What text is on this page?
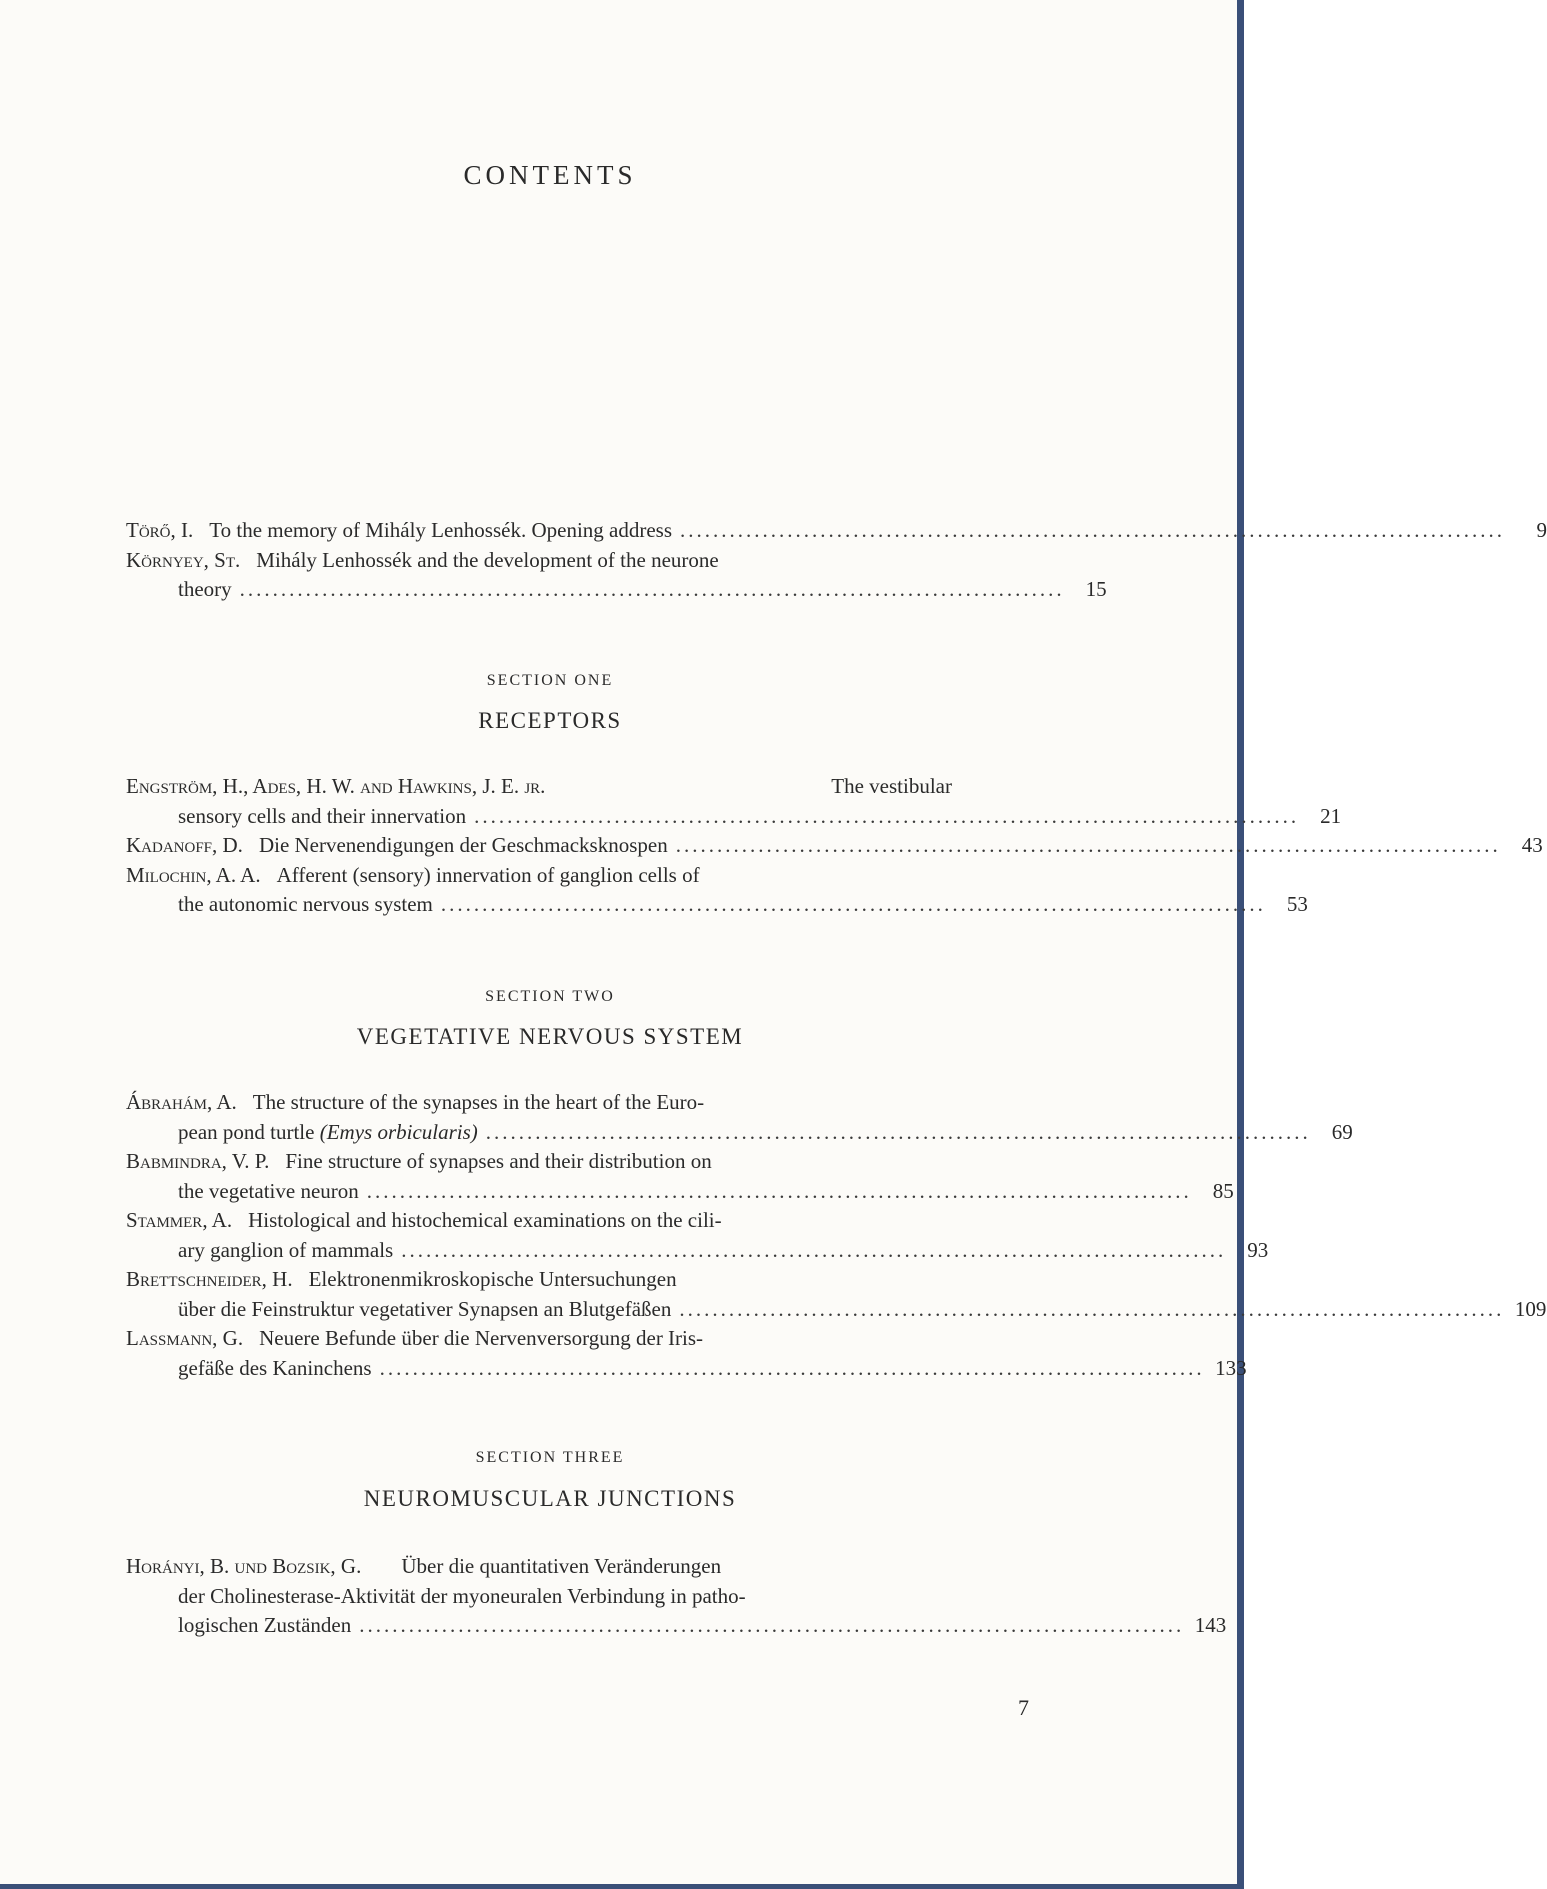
CONTENTS
Törő, I. To the memory of Mihály Lenhossék. Opening address ....................................................................................................	9
Környey, St. Mihály Lenhossék and the development of the neurone
theory ....................................................................................................	15
SECTION ONE
RECEPTORS
Engström, H., Ades, H. W. and Hawkins, J. E. jr.	The vestibular
sensory cells and their innervation ....................................................................................................	21
Kadanoff, D. Die Nervenendigungen der Geschmacksknospen ....................................................................................................	43
Milochin, A. A. Afferent (sensory) innervation of ganglion cells of
the autonomic nervous system ....................................................................................................	53
SECTION TWO
VEGETATIVE NERVOUS SYSTEM
Ábrahám, A. The structure of the synapses in the heart of the Euro-
pean pond turtle (Emys orbicularis) ....................................................................................................	69
Babmindra, V. P. Fine structure of synapses and their distribution on
the vegetative neuron ....................................................................................................	85
Stammer, A. Histological and histochemical examinations on the cili-
ary ganglion of mammals ....................................................................................................	93
Brettschneider, H. Elektronenmikroskopische Untersuchungen
über die Feinstruktur vegetativer Synapsen an Blutgefäßen .................................................................................................... 109
Lassmann, G. Neuere Befunde über die Nervenversorgung der Iris-
gefäße des Kaninchens .................................................................................................... 133
SECTION THREE
NEUROMUSCULAR JUNCTIONS
Horányi, B. und Bozsik, G. Über die quantitativen Veränderungen
der Cholinesterase-Aktivität der myoneuralen Verbindung in patho-
logischen Zuständen .................................................................................................... 143
7
